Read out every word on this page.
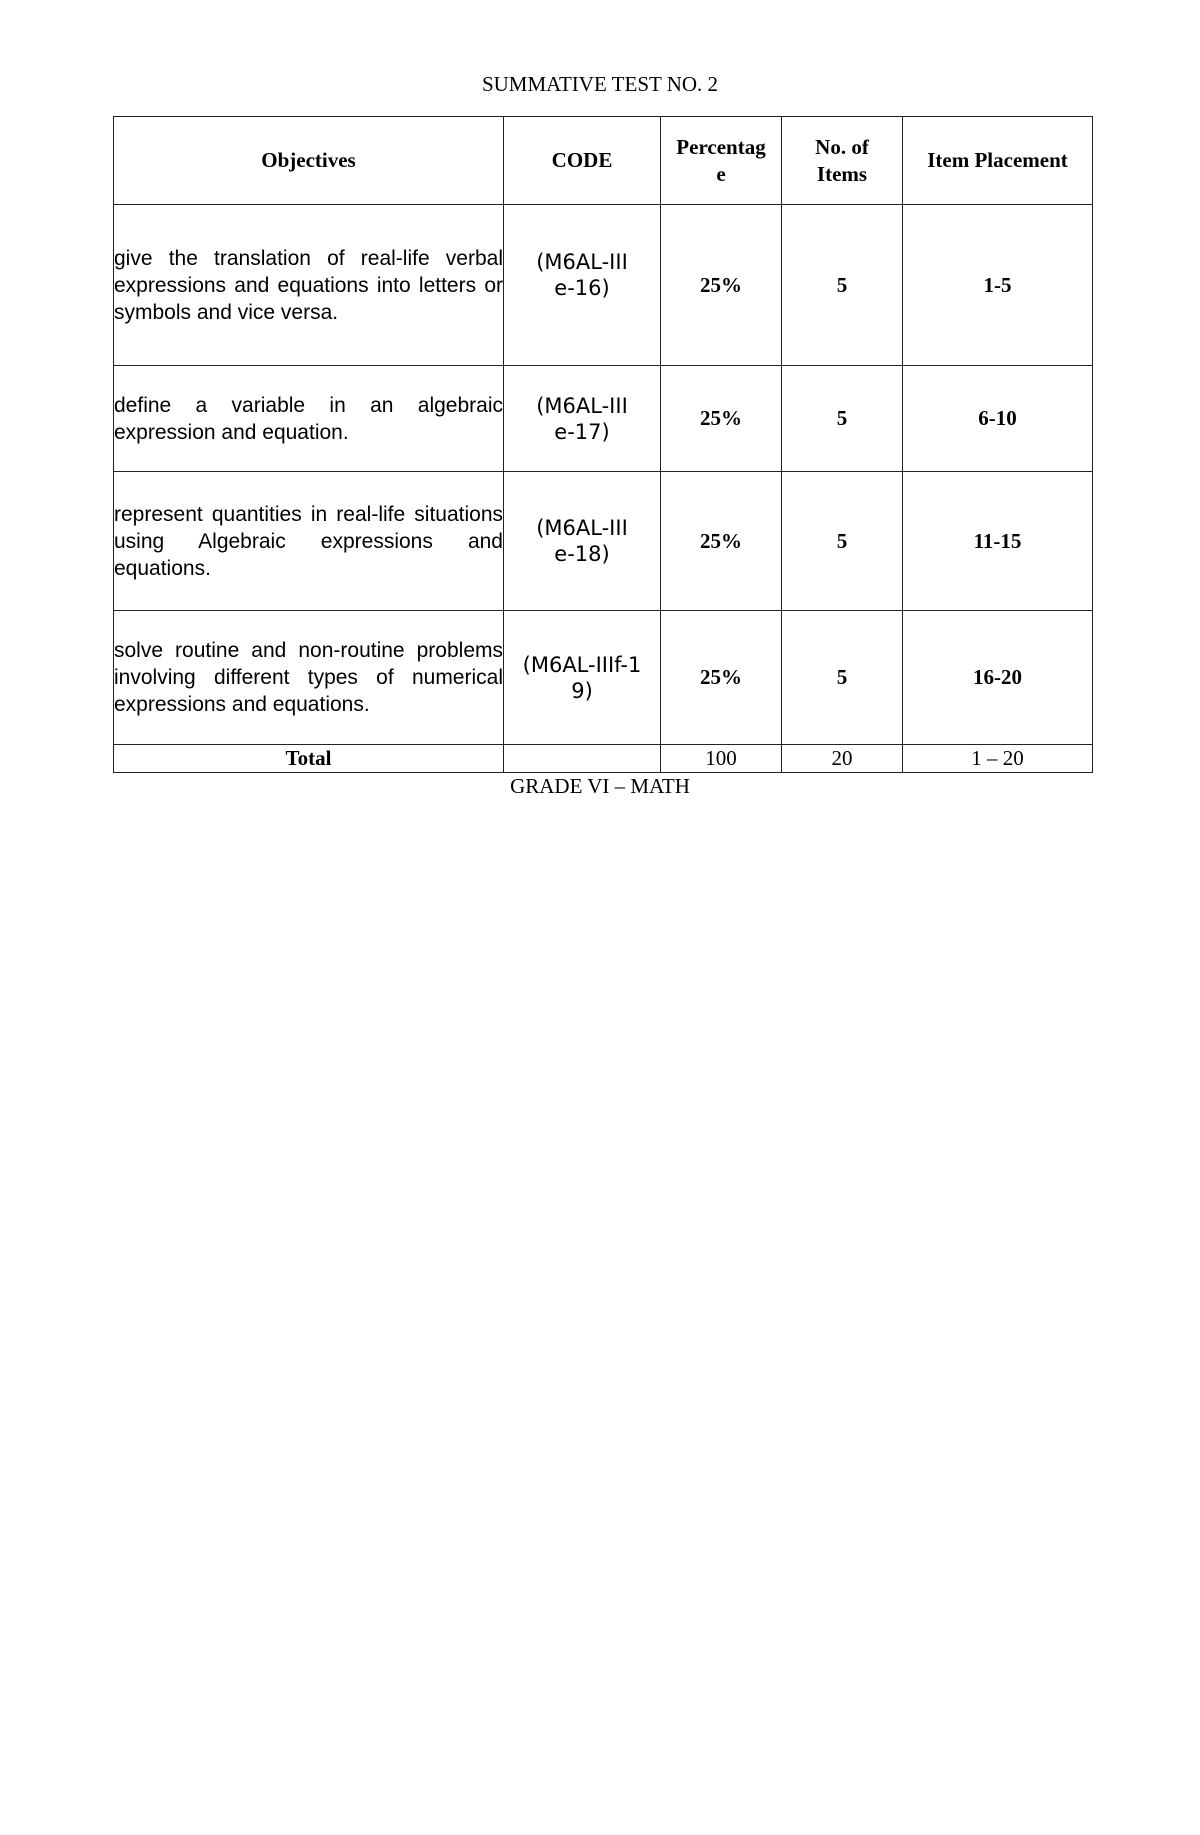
SUMMATIVE TEST NO. 2
Objectives	CODE	Percentage	No. of Items	Item Placement
give the translation of real-life verbal expressions and equations into letters or symbols and vice versa.	(M6AL-IIIe-16)	25%	5	1-5
define a variable in an algebraic expression and equation.	(M6AL-IIIe-17)	25%	5	6-10
represent quantities in real-life situations using Algebraic expressions and equations.	(M6AL-IIIe-18)	25%	5	11-15
solve routine and non-routine problems involving different types of numerical expressions and equations.	(M6AL-IIIf-19)	25%	5	16-20
Total		100	20	1 – 20
GRADE VI – MATH
